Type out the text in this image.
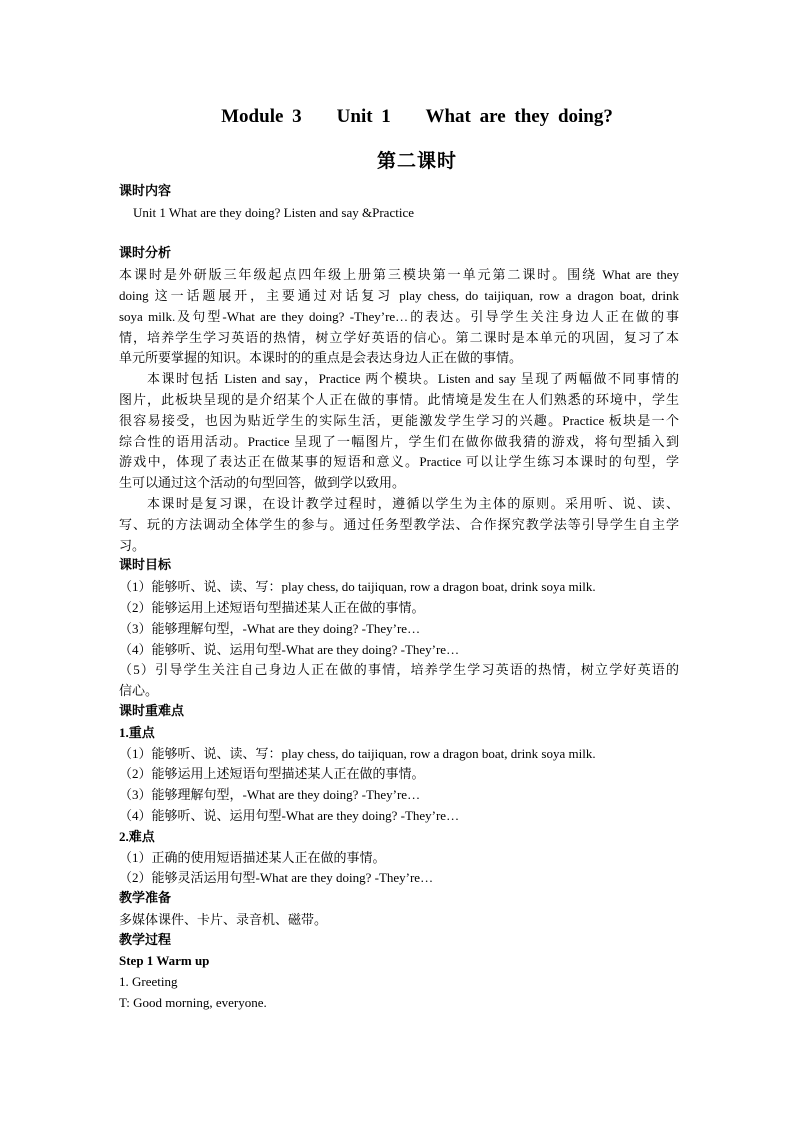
Module 3    Unit 1    What are they doing?
第二课时
课时内容
Unit 1 What are they doing? Listen and say &Practice
课时分析
本课时是外研版三年级起点四年级上册第三模块第一单元第二课时。围绕 What are they
doing 这一话题展开，主要通过对话复习 play chess, do taijiquan, row a dragon boat, drink
soya milk.及句型-What are they doing? -They’re…的表达。引导学生关注身边人正在做的事
情，培养学生学习英语的热情，树立学好英语的信心。第二课时是本单元的巩固，复习了本
单元所要掌握的知识。本课时的的重点是会表达身边人正在做的事情。
本课时包括 Listen and say，Practice 两个模块。Listen and say 呈现了两幅做不同事情的
图片，此板块呈现的是介绍某个人正在做的事情。此情境是发生在人们熟悉的环境中，学生
很容易接受，也因为贴近学生的实际生活，更能激发学生学习的兴趣。Practice 板块是一个
综合性的语用活动。Practice 呈现了一幅图片，学生们在做你做我猜的游戏，将句型插入到
游戏中，体现了表达正在做某事的短语和意义。Practice 可以让学生练习本课时的句型，学
生可以通过这个活动的句型回答，做到学以致用。
本课时是复习课，在设计教学过程时，遵循以学生为主体的原则。采用听、说、读、
写、玩的方法调动全体学生的参与。通过任务型教学法、合作探究教学法等引导学生自主学
习。
课时目标
（1）能够听、说、读、写：play chess, do taijiquan, row a dragon boat, drink soya milk.
（2）能够运用上述短语句型描述某人正在做的事情。
（3）能够理解句型，-What are they doing? -They’re…
（4）能够听、说、运用句型-What are they doing? -They’re…
（5）引导学生关注自己身边人正在做的事情，培养学生学习英语的热情，树立学好英语的
信心。
课时重难点
1.重点
（1）能够听、说、读、写：play chess, do taijiquan, row a dragon boat, drink soya milk.
（2）能够运用上述短语句型描述某人正在做的事情。
（3）能够理解句型，-What are they doing? -They’re…
（4）能够听、说、运用句型-What are they doing? -They’re…
2.难点
（1）正确的使用短语描述某人正在做的事情。
（2）能够灵活运用句型-What are they doing? -They’re…
教学准备
多媒体课件、卡片、录音机、磁带。
教学过程
Step 1 Warm up
1. Greeting
T: Good morning, everyone.
